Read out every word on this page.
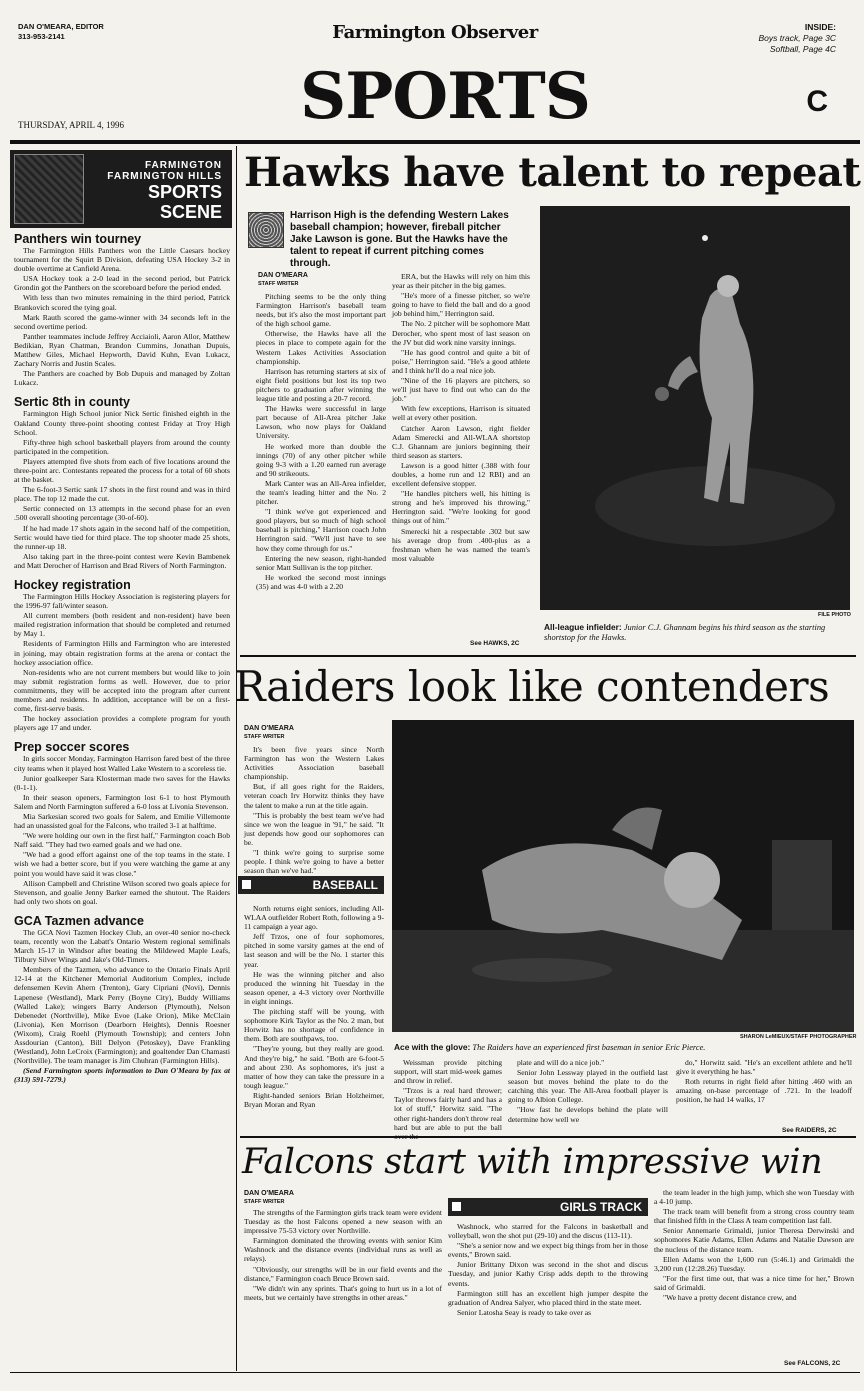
DAN O'MEARA, EDITOR
313-953-2141	Farmington Observer	INSIDE:
Boys track, Page 3C
Softball, Page 4C
SPORTS	C
THURSDAY, APRIL 4, 1996
FARMINGTON
FARMINGTON HILLS
SPORTS
SCENE
Panthers win tourney

The Farmington Hills Panthers won the Little Caesars hockey tournament for the Squirt B Division, defeating USA Hockey 3-2 in double overtime at Canfield Arena.

USA Hockey took a 2-0 lead in the second period, but Patrick Grondin got the Panthers on the scoreboard before the period ended.

With less than two minutes remaining in the third period, Patrick Brankovich scored the tying goal.

Mark Rauth scored the game-winner with 34 seconds left in the second overtime period.

Panther teammates include Jeffrey Acciaioli, Aaron Allor, Matthew Bedikian, Ryan Chatman, Brandon Cummins, Jonathan Dupuis, Matthew Giles, Michael Hepworth, David Kuhn, Evan Lukacz, Zachary Norris and Justin Scales.

The Panthers are coached by Bob Dupuis and managed by Zoltan Lukacz.

Sertic 8th in county

Farmington High School junior Nick Sertic finished eighth in the Oakland County three-point shooting contest Friday at Troy High School.

Fifty-three high school basketball players from around the county participated in the competition.

Players attempted five shots from each of five locations around the three-point arc. Contestants repeated the process for a total of 60 shots at the basket.

The 6-foot-3 Sertic sank 17 shots in the first round and was in third place. The top 12 made the cut.

Sertic connected on 13 attempts in the second phase for an even .500 overall shooting percentage (30-of-60).

If he had made 17 shots again in the second half of the competition, Sertic would have tied for third place. The top shooter made 25 shots, the runner-up 18.

Also taking part in the three-point contest were Kevin Bambenek and Matt Derocher of Harrison and Brad Rivers of North Farmington.

Hockey registration

The Farmington Hills Hockey Association is registering players for the 1996-97 fall/winter season.

All current members (both resident and non-resident) have been mailed registration information that should be completed and returned by May 1.

Residents of Farmington Hills and Farmington who are interested in joining, may obtain registration forms at the arena or contact the hockey association office.

Non-residents who are not current members but would like to join may submit registration forms as well. However, due to prior commitments, they will be accepted into the program after current members and residents. In addition, acceptance will be on a first-come, first-serve basis.

The hockey association provides a complete program for youth players age 17 and under.

Prep soccer scores

In girls soccer Monday, Farmington Harrison fared best of the three city teams when it played host Walled Lake Western to a scoreless tie.

Junior goalkeeper Sara Klosterman made two saves for the Hawks (0-1-1).

In their season openers, Farmington lost 6-1 to host Plymouth Salem and North Farmington suffered a 6-0 loss at Livonia Stevenson.

Mia Sarkesian scored two goals for Salem, and Emilie Villemonte had an unassisted goal for the Falcons, who trailed 3-1 at halftime.

"We were holding our own in the first half," Farmington coach Bob Naff said. "They had two earned goals and we had one.

"We had a good effort against one of the top teams in the state. I wish we had a better score, but if you were watching the game at any point you would have said it was close."

Allison Campbell and Christine Wilson scored two goals apiece for Stevenson, and goalie Jenny Barker earned the shutout. The Raiders had only two shots on goal.

GCA Tazmen advance

The GCA Novi Tazmen Hockey Club, an over-40 senior no-check team, recently won the Labatt's Ontario Western regional semifinals March 15-17 in Windsor after beating the Mildewed Maple Leafs, Tilbury Silver Wings and Jake's Old-Timers.

Members of the Tazmen, who advance to the Ontario Finals April 12-14 at the Kitchener Memorial Auditorium Complex, include defensemen Kevin Ahern (Trenton), Gary Cipriani (Novi), Dennis Lapenese (Westland), Mark Perry (Boyne City), Buddy Williams (Walled Lake); wingers Barry Anderson (Plymouth), Nelson Debenedet (Northville), Mike Evoe (Lake Orion), Mike McClain (Livonia), Ken Morrison (Dearborn Heights), Dennis Roesner (Wixom), Craig Roehl (Plymouth Township); and centers John Assdourian (Canton), Bill Delyon (Petoskey), Dave Frankling (Westland), John LeCroix (Farmington); and goaltender Dan Chamasti (Northville). The team manager is Jim Chuhran (Farmington Hills).

(Send Farmington sports information to Dan O'Meara by fax at (313) 591-7279.)

Hawks have talent to repeat
Harrison High is the defending Western Lakes baseball champion; however, fireball pitcher Jake Lawson is gone. But the Hawks have the talent to repeat if current pitching comes through.
DAN O'MEARA
STAFF WRITER

Pitching seems to be the only thing Farmington Harrison's baseball team needs, but it's also the most important part of the high school game.

Otherwise, the Hawks have all the pieces in place to compete again for the Western Lakes Activities Association championship.

Harrison has returning starters at six of eight field positions but lost its top two pitchers to graduation after winning the league title and posting a 20-7 record.

The Hawks were successful in large part because of All-Area pitcher Jake Lawson, who now plays for Oakland University.

He worked more than double the innings (70) of any other pitcher while going 9-3 with a 1.20 earned run average and 90 strikeouts.

Mark Canter was an All-Area infielder, the team's leading hitter and the No. 2 pitcher.

"I think we've got experienced and good players, but so much of high school baseball is pitching," Harrison coach John Herrington said. "We'll just have to see how they come through for us."

Entering the new season, right-handed senior Matt Sullivan is the top pitcher.

He worked the second most innings (35) and was 4-0 with a 2.20

ERA, but the Hawks will rely on him this year as their pitcher in the big games.

"He's more of a finesse pitcher, so we're going to have to field the ball and do a good job behind him," Herrington said.

The No. 2 pitcher will be sophomore Matt Derocher, who spent most of last season on the JV but did work nine varsity innings.

"He has good control and quite a bit of poise," Herrington said. "He's a good athlete and I think he'll do a real nice job.

"Nine of the 16 players are pitchers, so we'll just have to find out who can do the job."

With few exceptions, Harrison is situated well at every other position.

Catcher Aaron Lawson, right fielder Adam Smerecki and All-WLAA shortstop C.J. Ghannam are juniors beginning their third season as starters.

Lawson is a good hitter (.388 with four doubles, a home run and 12 RBI) and an excellent defensive stopper.

"He handles pitchers well, his hitting is strong and he's improved his throwing," Herrington said. "We're looking for good things out of him."

Smerecki hit a respectable .302 but saw his average drop from .400-plus as a freshman when he was named the team's most valuable

See HAWKS, 2C
FILE PHOTO
All-league infielder: Junior C.J. Ghannam begins his third season as the starting shortstop for the Hawks.
Raiders look like contenders
DAN O'MEARA
STAFF WRITER

It's been five years since North Farmington has won the Western Lakes Activities Association baseball championship.

But, if all goes right for the Raiders, veteran coach Irv Horwitz thinks they have the talent to make a run at the title again.

"This is probably the best team we've had since we won the league in '91," he said. "It just depends how good our sophomores can be.

"I think we're going to surprise some people. I think we're going to have a better season than we've had."

BASEBALL

North returns eight seniors, including All-WLAA outfielder Robert Roth, following a 9-11 campaign a year ago.

Jeff Trzos, one of four sophomores, pitched in some varsity games at the end of last season and will be the No. 1 starter this year.

He was the winning pitcher and also produced the winning hit Tuesday in the season opener, a 4-3 victory over Northville in eight innings.

The pitching staff will be young, with sophomore Kirk Taylor as the No. 2 man, but Horwitz has no shortage of confidence in them. Both are southpaws, too.

"They're young, but they really are good. And they're big," he said. "Both are 6-foot-5 and about 230. As sophomores, it's just a matter of how they can take the pressure in a tough league."

Right-handed seniors Brian Holzheimer, Bryan Moran and Ryan

SHARON LeMIEUX/STAFF PHOTOGRAPHER
Ace with the glove: The Raiders have an experienced first baseman in senior Eric Pierce.

Weissman provide pitching support, will start mid-week games and throw in relief.

"Trzos is a real hard thrower; Taylor throws fairly hard and has a lot of stuff," Horwitz said. "The other right-handers don't throw real hard but are able to put the ball

plate and will do a nice job."

Senior John Lessway played in the outfield last season but moves behind the plate to do the catching this year. The All-Area football player is going to Albion College.

"How fast he develops behind the plate will determine how well we

do," Horwitz said. "He's an excellent athlete and he'll give it everything he has."

Roth returns in right field after hitting .460 with an amazing on-base percentage of .721. In the leadoff position, he had 14 walks, 17

See RAIDERS, 2C
Falcons start with impressive win
DAN O'MEARA
STAFF WRITER

The strengths of the Farmington girls track team were evident Tuesday as the host Falcons opened a new season with an impressive 75-53 victory over Northville.

Farmington dominated the throwing events with senior Kim Washnock and the distance events (individual runs as well as relays).

"Obviously, our strengths will be in our field events and the distance," Farmington coach Bruce Brown said.

"We didn't win any sprints. That's going to hurt us in a lot of meets, but we certainly have strengths in other areas."

GIRLS TRACK

Washnock, who starred for the Falcons in basketball and volleyball, won the shot put (29-10) and the discus (113-11).

"She's a senior now and we expect big things from her in those events," Brown said.

Junior Brittany Dixon was second in the shot and discus Tuesday, and junior Kathy Crisp adds depth to the throwing events.

Farmington still has an excellent high jumper despite the graduation of Andrea Salyer, who placed third in the state meet.

Senior Latosha Seay is ready to take over as

the team leader in the high jump, which she won Tuesday with a 4-10 jump.

The track team will benefit from a strong cross country team that finished fifth in the Class A team competition last fall.

Senior Annemarie Grimaldi, junior Theresa Derwinski and sophomores Katie Adams, Ellen Adams and Natalie Dawson are the nucleus of the distance team.

Ellen Adams won the 1,600 run (5:46.1) and Grimaldi the 3,200 run (12:28.26) Tuesday.

"For the first time out, that was a nice time for her," Brown said of Grimaldi.

"We have a pretty decent distance crew, and

See FALCONS, 2C
